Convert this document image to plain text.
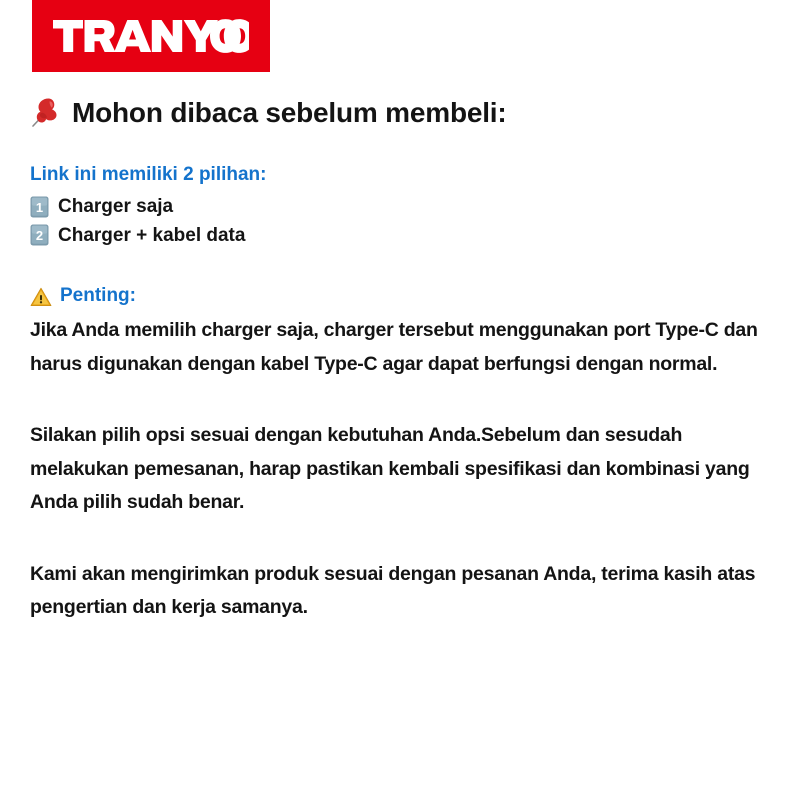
Mohon dibaca sebelum membeli:
Link ini memiliki 2 pilihan:
1 Charger saja
2 Charger + kabel data
Penting:

Jika Anda memilih charger saja, charger tersebut menggunakan port Type-C dan harus digunakan dengan kabel Type-C agar dapat berfungsi dengan normal.

Silakan pilih opsi sesuai dengan kebutuhan Anda.Sebelum dan sesudah melakukan pemesanan, harap pastikan kembali spesifikasi dan kombinasi yang Anda pilih sudah benar.

Kami akan mengirimkan produk sesuai dengan pesanan Anda, terima kasih atas pengertian dan kerja samanya.
